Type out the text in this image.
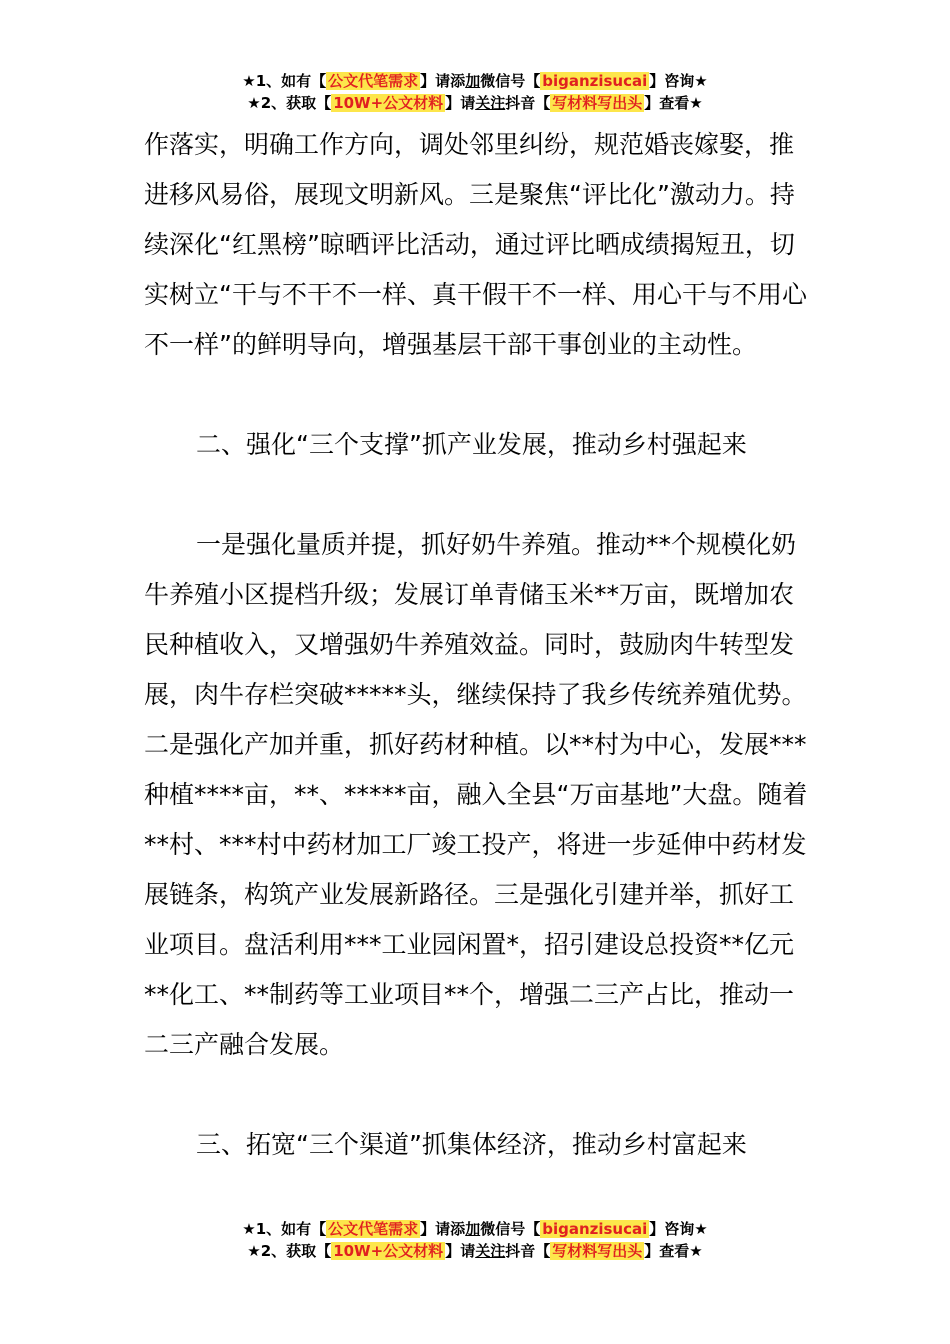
★1、如有【 公文代笔需求 】请添加微信号【 biganzisucai 】咨询★
★2、获取【 10W+公文材料 】请关注抖音【 写材料写出头 】查看★

作落实，明确工作方向，调处邻里纠纷，规范婚丧嫁娶，推进移风易俗，展现文明新风。三是聚焦“评比化”激动力。持续深化“红黑榜”晾晒评比活动，通过评比晒成绩揭短丑，切实树立“干与不干不一样、真干假干不一样、用心干与不用心不一样”的鲜明导向，增强基层干部干事创业的主动性。

二、强化“三个支撑”抓产业发展，推动乡村强起来

一是强化量质并提，抓好奶牛养殖。推动**个规模化奶牛养殖小区提档升级；发展订单青储玉米**万亩，既增加农民种植收入，又增强奶牛养殖效益。同时，鼓励肉牛转型发展，肉牛存栏突破*****头，继续保持了我乡传统养殖优势。二是强化产加并重，抓好药材种植。以**村为中心，发展***种植****亩，**、*****亩，融入全县“万亩基地”大盘。随着**村、***村中药材加工厂竣工投产，将进一步延伸中药材发展链条，构筑产业发展新路径。三是强化引建并举，抓好工业项目。盘活利用***工业园闲置*，招引建设总投资**亿元**化工、**制药等工业项目**个，增强二三产占比，推动一二三产融合发展。

三、拓宽“三个渠道”抓集体经济，推动乡村富起来

★1、如有【 公文代笔需求 】请添加微信号【 biganzisucai 】咨询★
★2、获取【 10W+公文材料 】请关注抖音【 写材料写出头 】查看★
